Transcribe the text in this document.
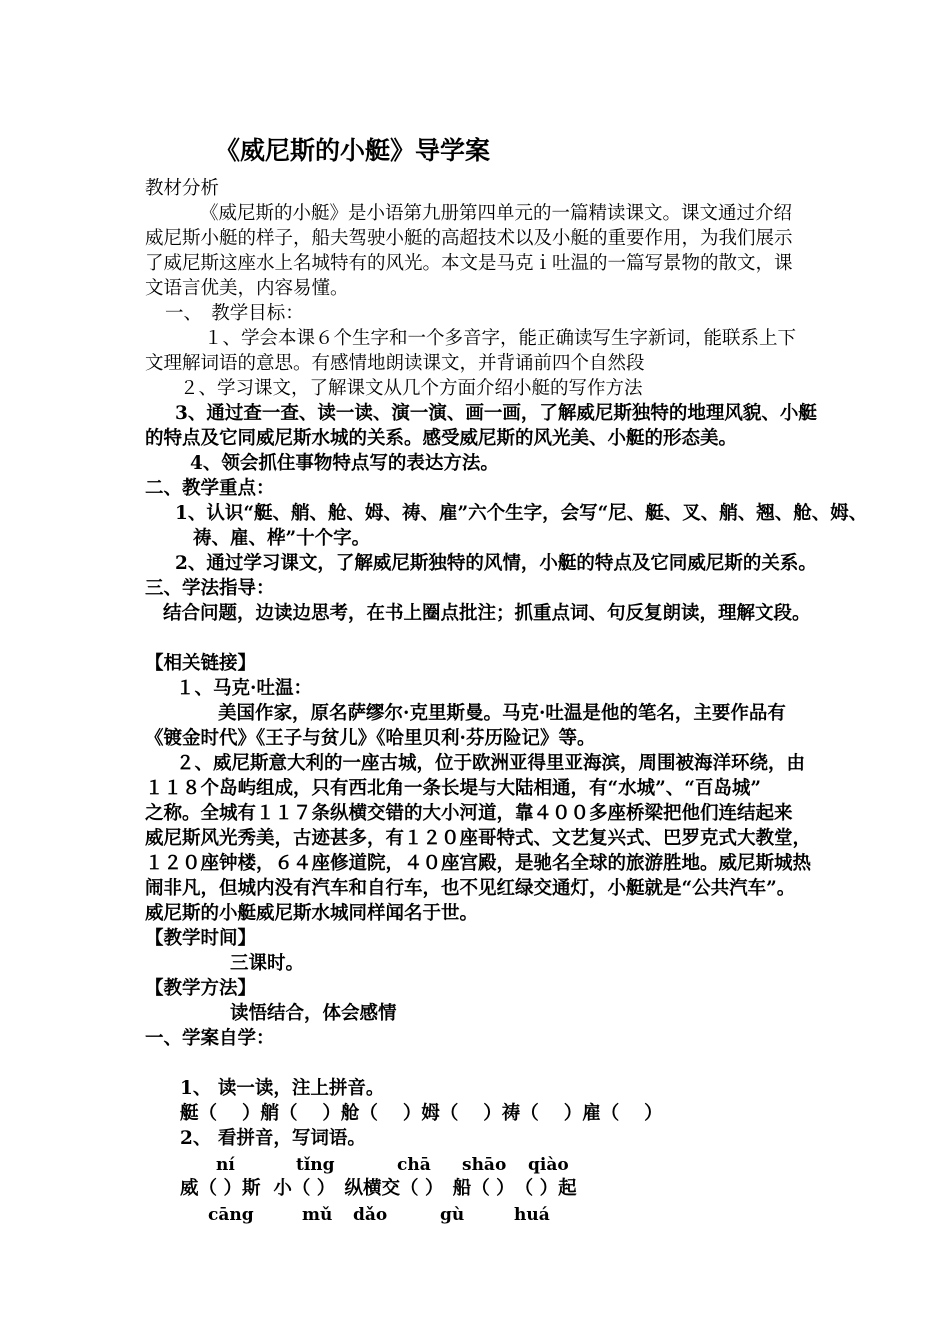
《威尼斯的小艇》导学案
教材分析
《威尼斯的小艇》是小语第九册第四单元的一篇精读课文。课文通过介绍
威尼斯小艇的样子，船夫驾驶小艇的高超技术以及小艇的重要作用，为我们展示
了威尼斯这座水上名城特有的风光。本文是马克ｉ吐温的一篇写景物的散文，课
文语言优美，内容易懂。
一、　教学目标：
１、学会本课６个生字和一个多音字，能正确读写生字新词，能联系上下
文理解词语的意思。有感情地朗读课文，并背诵前四个自然段
２、学习课文，了解课文从几个方面介绍小艇的写作方法
3、通过查一查、读一读、演一演、画一画，了解威尼斯独特的地理风貌、小艇
的特点及它同威尼斯水城的关系。感受威尼斯的风光美、小艇的形态美。
4、领会抓住事物特点写的表达方法。
二、教学重点：
1、认识“艇、艄、舱、姆、祷、雇”六个生字，会写“尼、艇、叉、艄、翘、舱、姆、
祷、雇、桦”十个字。
2、通过学习课文，了解威尼斯独特的风情，小艇的特点及它同威尼斯的关系。
三、学法指导：
结合问题，边读边思考，在书上圈点批注；抓重点词、句反复朗读，理解文段。
【相关链接】
１、马克·吐温：
美国作家，原名萨缪尔·克里斯曼。马克·吐温是他的笔名，主要作品有
《镀金时代》《王子与贫儿》《哈里贝利·芬历险记》等。
２、威尼斯意大利的一座古城，位于欧洲亚得里亚海滨，周围被海洋环绕，由
１１８个岛屿组成，只有西北角一条长堤与大陆相通，有“水城”、“百岛城”
之称。全城有１１７条纵横交错的大小河道，靠４００多座桥梁把他们连结起来
威尼斯风光秀美，古迹甚多，有１２０座哥特式、文艺复兴式、巴罗克式大教堂，
１２０座钟楼，６４座修道院，４０座宫殿，是驰名全球的旅游胜地。威尼斯城热
闹非凡，但城内没有汽车和自行车，也不见红绿交通灯，小艇就是“公共汽车”。
威尼斯的小艇威尼斯水城同样闻名于世。
【教学时间】
三课时。
【教学方法】
读悟结合，体会感情
一、学案自学：
1、 读一读，注上拼音。
艇（　 ）艄（　 ）舱（　 ）姆（　 ）祷（　 ）雇（　 ）
2、 看拼音，写词语。
ní	tǐng	chā shāo qiào
威（ ）斯  小（ ）　纵横交（ ）　船（ ）　（ ）起
cāng	mǔ dǎo	gù	huá
